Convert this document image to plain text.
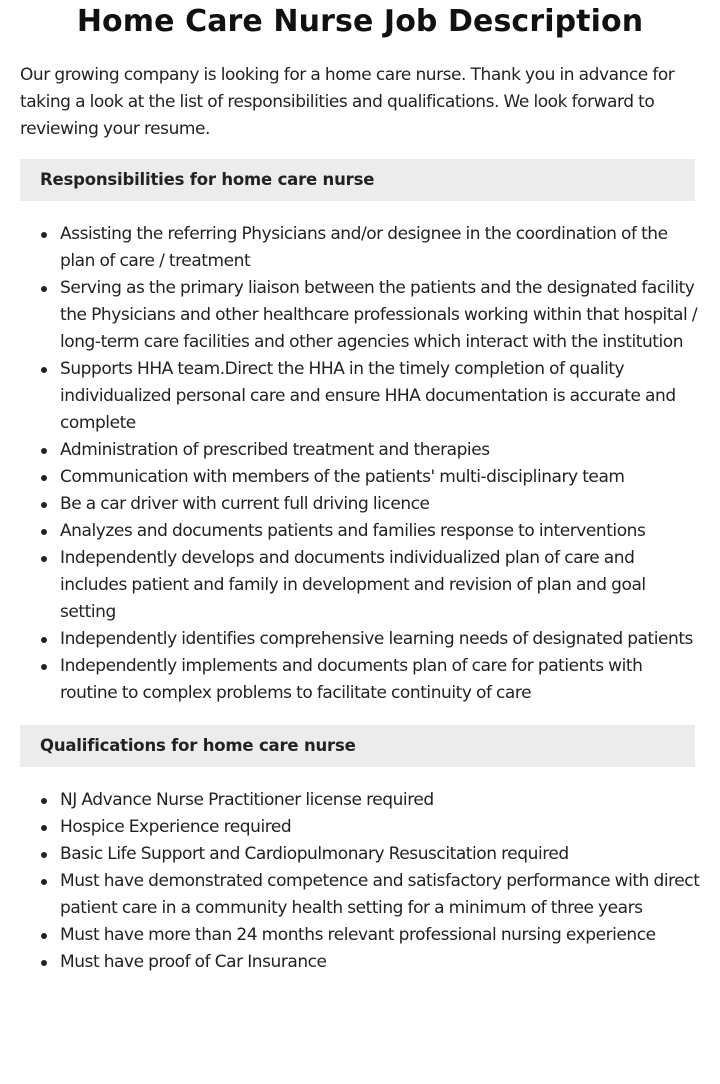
Home Care Nurse Job Description

Our growing company is looking for a home care nurse. Thank you in advance for taking a look at the list of responsibilities and qualifications. We look forward to reviewing your resume.

Responsibilities for home care nurse
Assisting the referring Physicians and/or designee in the coordination of the plan of care / treatment
Serving as the primary liaison between the patients and the designated facility the Physicians and other healthcare professionals working within that hospital / long-term care facilities and other agencies which interact with the institution
Supports HHA team.Direct the HHA in the timely completion of quality individualized personal care and ensure HHA documentation is accurate and complete
Administration of prescribed treatment and therapies
Communication with members of the patients' multi-disciplinary team
Be a car driver with current full driving licence
Analyzes and documents patients and families response to interventions
Independently develops and documents individualized plan of care and includes patient and family in development and revision of plan and goal setting
Independently identifies comprehensive learning needs of designated patients
Independently implements and documents plan of care for patients with routine to complex problems to facilitate continuity of care
Qualifications for home care nurse
NJ Advance Nurse Practitioner license required
Hospice Experience required
Basic Life Support and Cardiopulmonary Resuscitation required
Must have demonstrated competence and satisfactory performance with direct patient care in a community health setting for a minimum of three years
Must have more than 24 months relevant professional nursing experience
Must have proof of Car Insurance
